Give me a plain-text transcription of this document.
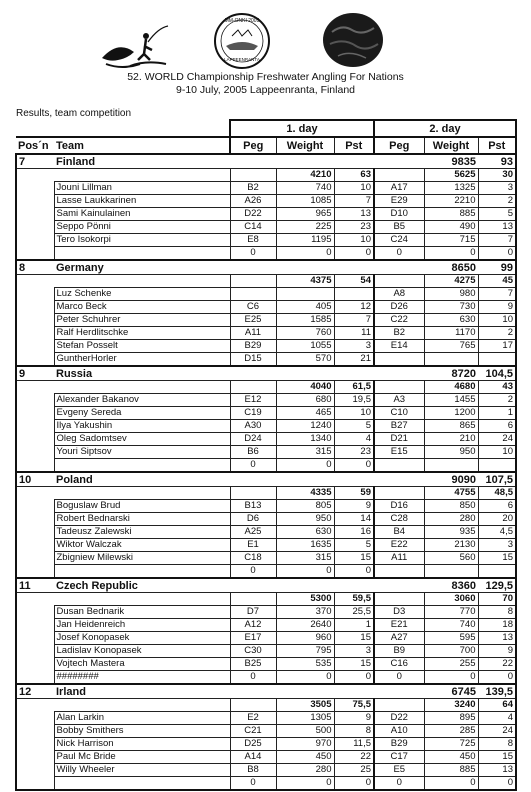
MM-ONKI 2005
LAPPEENRANTA
52. WORLD Championship Freshwater Angling For Nations
9-10 July, 2005 Lappeenranta, Finland
Results, team competition
			1. day			2. day		
Pos´n	Team		Peg	Weight	Pst	Peg	Weight	Pst
7	Finland						9835	93
				4210	63		5625	30
	Jouni Lillman		B2	740	10	A17	1325	3
	Lasse Laukkarinen		A26	1085	7	E29	2210	2
	Sami Kainulainen		D22	965	13	D10	885	5
	Seppo Pönni		C14	225	23	B5	490	13
	Tero Isokorpi		E8	1195	10	C24	715	7
			0	0	0	0	0	0
8	Germany						8650	99
				4375	54		4275	45
	Luz Schenke					A8	980	7
	Marco Beck		C6	405	12	D26	730	9
	Peter Schuhrer		E25	1585	7	C22	630	10
	Ralf Herdlitschke		A11	760	11	B2	1170	2
	Stefan Posselt		B29	1055	3	E14	765	17
	GuntherHorler		D15	570	21			
9	Russia						8720	104,5
				4040	61,5		4680	43
	Alexander Bakanov		E12	680	19,5	A3	1455	2
	Evgeny Sereda		C19	465	10	C10	1200	1
	Ilya Yakushin		A30	1240	5	B27	865	6
	Oleg Sadomtsev		D24	1340	4	D21	210	24
	Youri Siptsov		B6	315	23	E15	950	10
			0	0	0			
10	Poland						9090	107,5
				4335	59		4755	48,5
	Boguslaw Brud		B13	805	9	D16	850	6
	Robert Bednarski		D6	950	14	C28	280	20
	Tadeusz Zalewski		A25	630	16	B4	935	4,5
	Wiktor Walczak		E1	1635	5	E22	2130	3
	Zbigniew Milewski		C18	315	15	A11	560	15
			0	0	0			
11	Czech Republic						8360	129,5
				5300	59,5		3060	70
	Dusan Bednarik		D7	370	25,5	D3	770	8
	Jan Heidenreich		A12	2640	1	E21	740	18
	Josef Konopasek		E17	960	15	A27	595	13
	Ladislav Konopasek		C30	795	3	B9	700	9
	Vojtech Mastera		B25	535	15	C16	255	22
	########		0	0	0	0	0	0
12	Irland						6745	139,5
				3505	75,5		3240	64
	Alan Larkin		E2	1305	9	D22	895	4
	Bobby Smithers		C21	500	8	A10	285	24
	Nick Harrison		D25	970	11,5	B29	725	8
	Paul Mc Bride		A14	450	22	C17	450	15
	Willy Wheeler		B8	280	25	E5	885	13
			0	0	0	0	0	0
